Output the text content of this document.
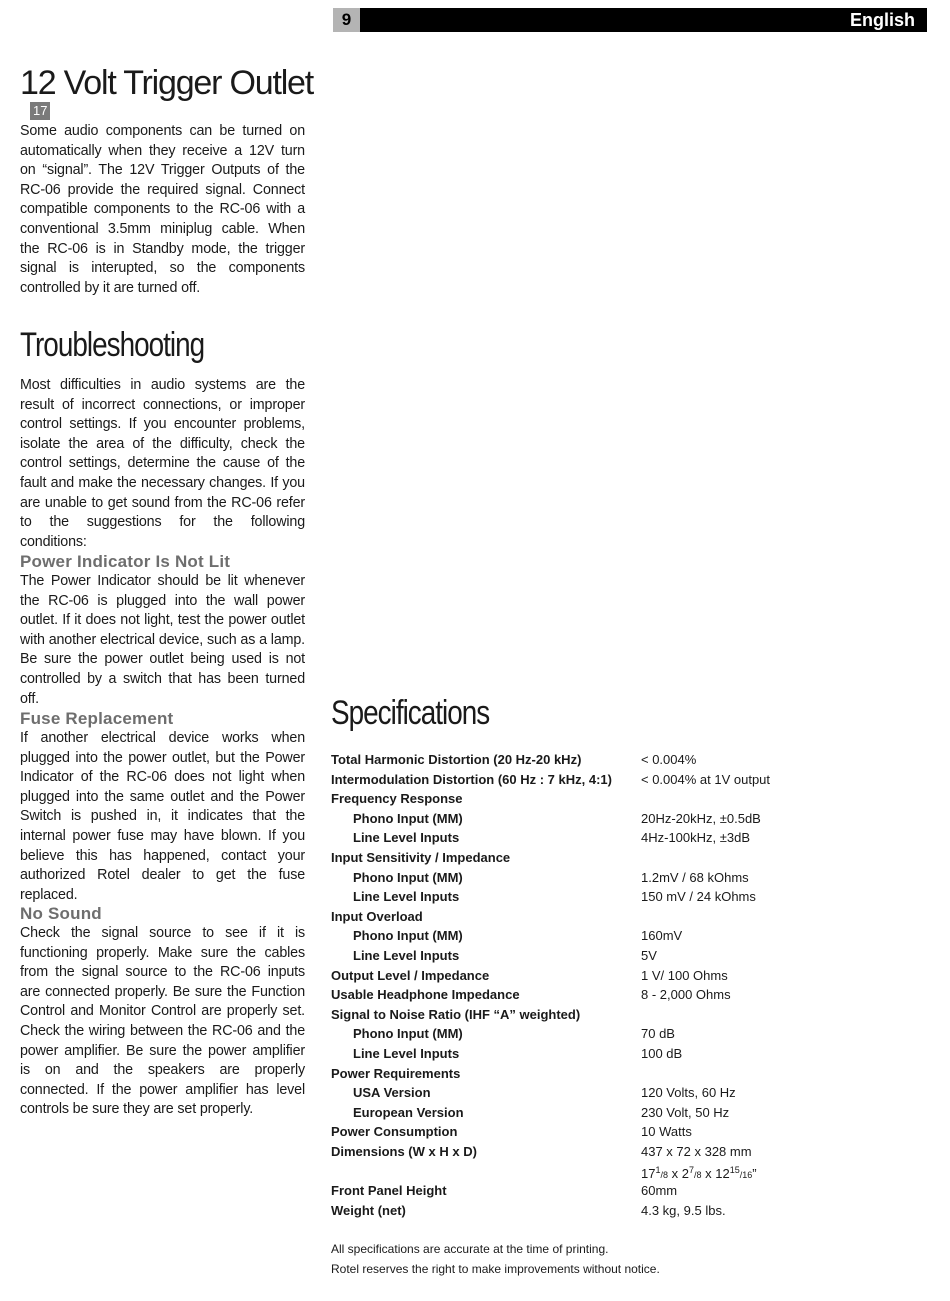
9	English
12 Volt Trigger Outlet17

Some audio components can be turned on automatically when they receive a 12V turn on “signal”. The 12V Trigger Outputs of the RC-06 provide the required signal. Connect compatible components to the RC-06 with a conventional 3.5mm miniplug cable. When the RC-06 is in Standby mode, the trigger signal is interupted, so the components controlled by it are turned off.

Troubleshooting

Most difficulties in audio systems are the result of incorrect connections, or improper control settings. If you encounter problems, isolate the area of the difficulty, check the control settings, determine the cause of the fault and make the necessary changes. If you are unable to get sound from the RC-06 refer to the suggestions for the following conditions:

Power Indicator Is Not Lit

The Power Indicator should be lit whenever the RC-06 is plugged into the wall power outlet. If it does not light, test the power outlet with another electrical device, such as a lamp. Be sure the power outlet being used is not controlled by a switch that has been turned off.

Fuse Replacement

If another electrical device works when plugged into the power outlet, but the Power Indicator of the RC-06 does not light when plugged into the same outlet and the Power Switch is pushed in, it indicates that the internal power fuse may have blown. If you believe this has happened, contact your authorized Rotel dealer to get the fuse replaced.

No Sound

Check the signal source to see if it is functioning properly. Make sure the cables from the signal source to the RC-06 inputs are connected properly. Be sure the Function Control and Monitor Control are properly set. Check the wiring between the RC-06 and the power amplifier. Be sure the power amplifier is on and the speakers are properly connected. If the power amplifier has level controls be sure they are set properly.

Specifications
Total Harmonic Distortion (20 Hz-20 kHz)	< 0.004%
Intermodulation Distortion (60 Hz : 7 kHz, 4:1) < 0.004% at 1V output
Frequency Response
Phono Input (MM)	20Hz-20kHz, ±0.5dB
Line Level Inputs	4Hz-100kHz, ±3dB
Input Sensitivity / Impedance
Phono Input (MM)	1.2mV / 68 kOhms
Line Level Inputs	150 mV / 24 kOhms
Input Overload
Phono Input (MM)	160mV
Line Level Inputs	5V
Output Level / Impedance	1 V/ 100 Ohms
Usable Headphone Impedance	8 - 2,000 Ohms
Signal to Noise Ratio (IHF “A” weighted)
Phono Input (MM)	70 dB
Line Level Inputs	100 dB
Power Requirements
USA Version	120 Volts, 60 Hz
European Version	230 Volt, 50 Hz
Power Consumption	10 Watts
Dimensions (W x H x D)	437 x 72 x 328 mm
$17^1/8$ x $2^7/8$ x $12^{15}/16$”
Front Panel Height	60mm
Weight (net)	4.3 kg, 9.5 lbs.
All specifications are accurate at the time of printing.
Rotel reserves the right to make improvements without notice.
